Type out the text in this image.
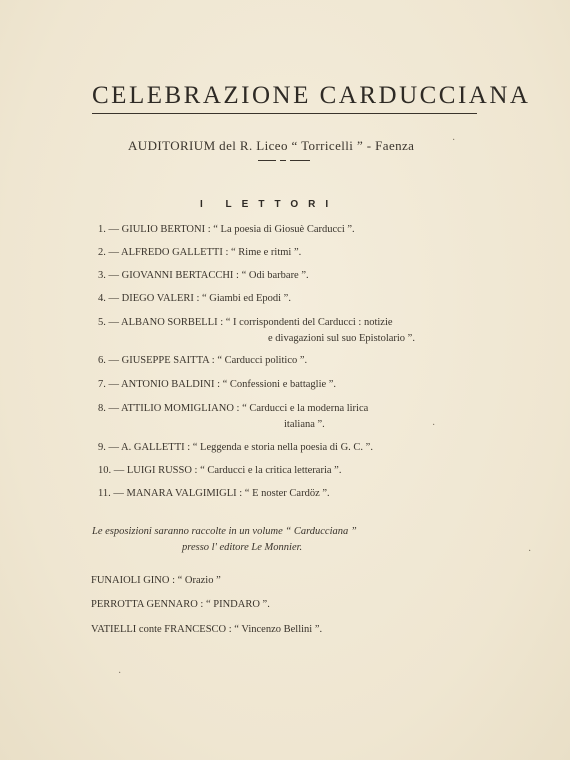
CELEBRAZIONE CARDUCCIANA
AUDITORIUM del R. Liceo “ Torricelli ” - Faenza
I LETTORI
1. — GIULIO BERTONI : “ La poesia di Giosuè Carducci ”.
2. — ALFREDO GALLETTI : “ Rime e ritmi ”.
3. — GIOVANNI BERTACCHI : “ Odi barbare ”.
4. — DIEGO VALERI : “ Giambi ed Epodi ”.
5. — ALBANO SORBELLI : “ I corrispondenti del Carducci : notizie
e divagazioni sul suo Epistolario ”.
6. — GIUSEPPE SAITTA : “ Carducci politico ”.
7. — ANTONIO BALDINI : “ Confessioni e battaglie ”.
8. — ATTILIO MOMIGLIANO : “ Carducci e la moderna lirica
italiana ”.
9. — A. GALLETTI : “ Leggenda e storia nella poesia di G. C. ”.
10. — LUIGI RUSSO : “ Carducci e la critica letteraria ”.
11. — MANARA VALGIMIGLI : “ E noster Cardöz ”.
Le esposizioni saranno raccolte in un volume “ Carducciana ”
presso l' editore Le Monnier.
FUNAIOLI GINO : “ Orazio ”
PERROTTA GENNARO : “ PINDARO ”.
VATIELLI conte FRANCESCO : “ Vincenzo Bellini ”.
·
·
·
·
